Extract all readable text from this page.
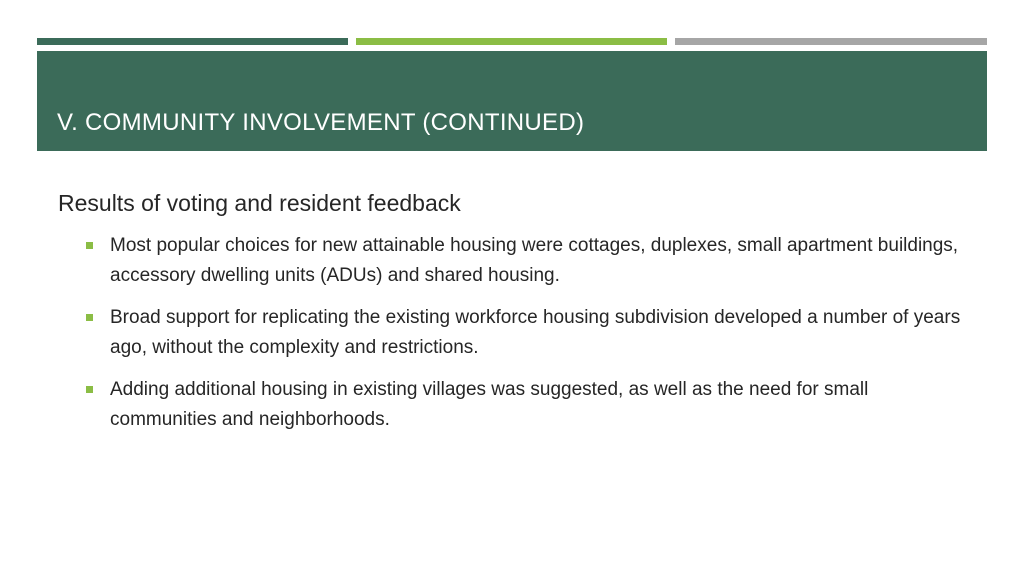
V. COMMUNITY INVOLVEMENT (CONTINUED)

Results of voting and resident feedback

Most popular choices for new attainable housing were cottages, duplexes, small apartment buildings, accessory dwelling units (ADUs) and shared housing.
Broad support for replicating the existing workforce housing subdivision developed a number of years ago, without the complexity and restrictions.
Adding additional housing in existing villages was suggested, as well as the need for small communities and neighborhoods.
